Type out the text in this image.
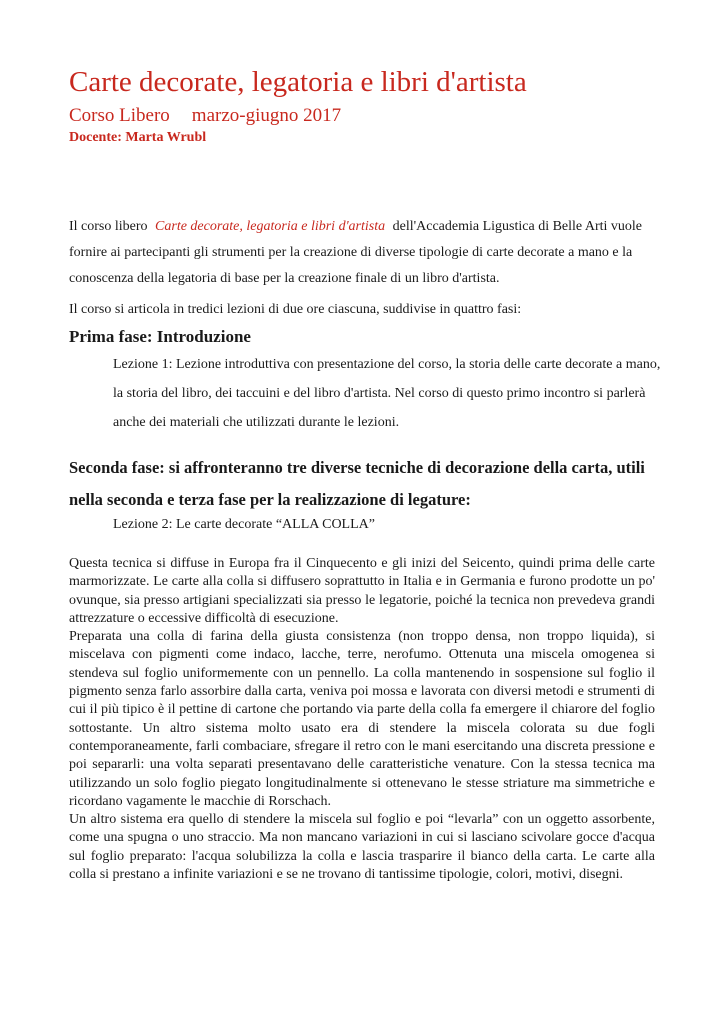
Carte decorate, legatoria e libri d'artista
Corso Libero marzo-giugno 2017
Docente: Marta Wrubl

Il corso libero Carte decorate, legatoria e libri d'artista dell'Accademia Ligustica di Belle Arti vuole fornire ai partecipanti gli strumenti per la creazione di diverse tipologie di carte decorate a mano e la conoscenza della legatoria di base per la creazione finale di un libro d'artista.

Il corso si articola in tredici lezioni di due ore ciascuna, suddivise in quattro fasi:

Prima fase: Introduzione

Lezione 1: Lezione introduttiva con presentazione del corso, la storia delle carte decorate a mano, la storia del libro, dei taccuini e del libro d'artista. Nel corso di questo primo incontro si parlerà anche dei materiali che utilizzati durante le lezioni.

Seconda fase: si affronteranno tre diverse tecniche di decorazione della carta, utili nella seconda e terza fase per la realizzazione di legature:

Lezione 2: Le carte decorate “ALLA COLLA”

Questa tecnica si diffuse in Europa fra il Cinquecento e gli inizi del Seicento, quindi prima delle carte marmorizzate. Le carte alla colla si diffusero soprattutto in Italia e in Germania e furono prodotte un po' ovunque, sia presso artigiani specializzati sia presso le legatorie, poiché la tecnica non prevedeva grandi attrezzature o eccessive difficoltà di esecuzione.

Preparata una colla di farina della giusta consistenza (non troppo densa, non troppo liquida), si miscelava con pigmenti come indaco, lacche, terre, nerofumo. Ottenuta una miscela omogenea si stendeva sul foglio uniformemente con un pennello. La colla mantenendo in sospensione sul foglio il pigmento senza farlo assorbire dalla carta, veniva poi mossa e lavorata con diversi metodi e strumenti di cui il più tipico è il pettine di cartone che portando via parte della colla fa emergere il chiarore del foglio sottostante. Un altro sistema molto usato era di stendere la miscela colorata su due fogli contemporaneamente, farli combaciare, sfregare il retro con le mani esercitando una discreta pressione e poi separarli: una volta separati presentavano delle caratteristiche venature. Con la stessa tecnica ma utilizzando un solo foglio piegato longitudinalmente si ottenevano le stesse striature ma simmetriche e ricordano vagamente le macchie di Rorschach.

Un altro sistema era quello di stendere la miscela sul foglio e poi “levarla” con un oggetto assorbente, come una spugna o uno straccio. Ma non mancano variazioni in cui si lasciano scivolare gocce d'acqua sul foglio preparato: l'acqua solubilizza la colla e lascia trasparire il bianco della carta. Le carte alla colla si prestano a infinite variazioni e se ne trovano di tantissime tipologie, colori, motivi, disegni.
